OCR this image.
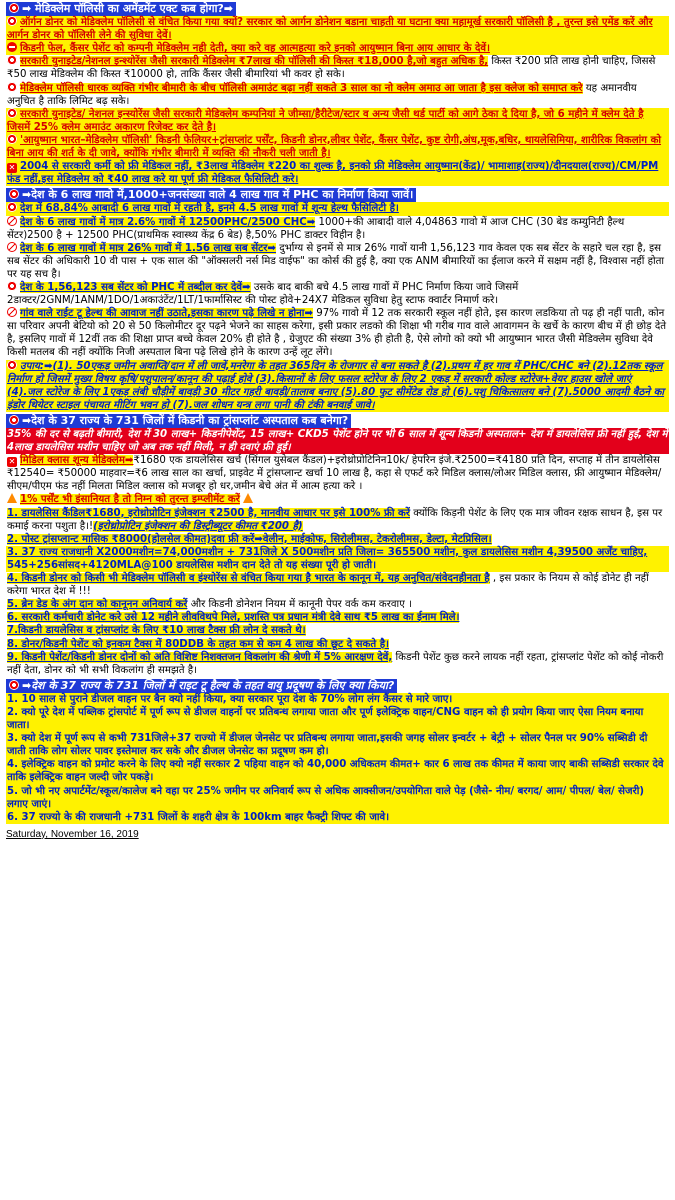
➡ मेडिक्लेम पॉलिसी का अमेंडमेंट एक्ट कब होगा?➡
ऑर्गन डोनर को मेडिक्लेम पॉलिसी से वंचित किया गया क्यों? सरकार को आर्गन डोनेशन बडाना चाहती या घटाना क्या महामूर्ख सरकारी पॉलिसी है , तुरन्त इसे एमेंड करें और आर्गन डोनर को पॉलिसी लेने की सुविधा देवें।
किडनी फेल, कैंसर पेशेंट को कम्पनी मेडिक्लेम नही देती, क्या करे वह आत्महत्या करे इनको आयुष्मान बिना आय आधार के देवें।
सरकारी युनाइटेड/नेशनल इन्श्योरेंस जैसी सरकारी मेडिक्लेम ₹7लाख की पॉलिसी की किस्त ₹18,000 है,जो बहुत अधिक है, किस्त ₹200 प्रति लाख होनी चाहिए, जिससे ₹50 लाख मेडिक्लेम की किस्त ₹10000 हो, ताकि कैंसर जैसी बीमारियां भी कवर हो सके।
मेडिक्लेम पॉलिसी धारक व्यक्ति गंभीर बीमारी के बीच पॉलिसी अमाउंट बढ़ा नहीं सकते 3 साल का नो क्लेम अमाउ आ जाता है इस क्लेज को समाप्त करे यह अमानवीय अनुचित है ताकि लिमिट बढ़ सके।
सरकारी युनाइटेड/ नेशनल इन्स्योरेंस जैसी सरकारी मेडिक्लेम कम्पनियां ने जीम्सा/हैरीटेज/स्टार व अन्य जैसी थर्ड पार्टी को आगे ठेका दे दिया है, जो 6 महीने में क्लेम देते है जिसमें 25% क्लेम अमाउंट अकारण रिजेक्ट कर देते है।
'आयुष्मान भारत–मेडिक्लेम पॉलिसी' किडनी फेलियर+ट्रांसप्लांट पर्सेंट, किडनी डोनर,लीवर पेशेंट, कैंसर पेशेंट, कुष्ट रोगी,अंध,मूक,बधिर, थायलेसिमिया, शारीरिक विकलांग को बिना आय की शर्त के दी जावे, क्योंकि गंभीर बीमारी में व्यक्ति की नौकरी चली जाती है।
✕2004 से सरकारी कर्मी को फ्री मेडिकल नहीं, ₹3लाख मेडिक्लेम ₹220 का शुल्क है, इनको फ्री मेडिक्लेम आयुष्मान(केंद्र)/ भामाशाह(राज्य)/दीनदयाल(राज्य)/CM/PM फंड नहीं,इस मेडिक्लेम को ₹40 लाख करे या पूर्ण फ्री मेडिकल फैसिलिटी करे।
➡देश के 6 लाख गावो में,1000+जनसंख्या वाले 4 लाख गाव में PHC का निर्माण किया जावें।
देश में 68.84% आबादी 6 लाख गावों में रहती है, इनमे 4.5 लाख गावों में शून्य हेल्थ फैसिलिटी है।
देश के 6 लाख गावों में मात्र 2.6% गावों में 12500PHC/2500 CHC➡ 1000+की आबादी वाले 4,04863 गावो में आज CHC (30 बेड कम्युनिटी हैल्थ सेंटर)2500 है + 12500 PHC(प्राथमिक स्वास्थ्य केंद्र 6 बेड) है,50% PHC डाक्टर विहीन है।
देश के 6 लाख गावों में मात्र 26% गावों में 1.56 लाख सब सेंटर➡ दुर्भाग्य से इनमें से मात्र 26% गावों यानी 1,56,123 गाव केवल एक सब सेंटर के सहारे चल रहा है, इस सब सेंटर की अधिकारी 10 वी पास + एक साल की "ऑक्सलरी नर्स मिड वाईफ" का कोर्स की हुई है, क्या एक ANM बीमारियों का ईलाज करने में सक्षम नहीं है, विश्वास नहीं होता पर यह सच है।
देश के 1,56,123 सब सेंटर को PHC में तब्दील कर देवें➡ उसके बाद बाकी बचे 4.5 लाख गावों में PHC निर्माण किया जावे जिसमें 2डाक्टर/2GNM/1ANM/1DO/1अकाउंटेंट/1LT/1फार्मासिस्ट की पोस्ट होवे+24X7 मेडिकल सुविधा हेतु स्टाफ क्वार्टर निमार्ण करे।
गांव वाले राईट टू हेल्थ की आवाज नहीं उठाते,इसका कारण पढ़े लिखे न होना➡ 97% गावो में 12 तक सरकारी स्कूल नहीं होते, इस कारण लडकिया तो पढ़ ही नहीं पाती, कोन सा परिवार अपनी बेटियो को 20 से 50 किलोमीटर दूर पढ़ने भेजने का साहस करेगा, इसी प्रकार लडको की शिक्षा भी गरीब गाव वाले आवागमन के खर्चे के कारण बीच में ही छोड़ देते है, इसलिए गावों में 12वीं तक की शिक्षा प्राप्त बच्चे केवल 20% ही होते है , ग्रेजुएट की संख्या 3% ही होती है, ऐसे लोगो को क्यो भी आयुष्मान भारत जैसी मेडिक्लेम सुविधा देवे किसी मतलब की नहीं क्योंकि निजी अस्पताल बिना पढ़े लिखे होने के कारण उन्हें लूट लेंगे।
उपाय:➡(1). 50एकड़ जमीन अवाप्ति/दान में ली जावें,मनरेगा के तहत 365दिन के रोजगार से बना सकते है (2).प्रथम में हर गाव में PHC/CHC बने (2).12तक स्कूल निर्माण हो जिसमें मुख्य विषय कृषि/पशुपालन/कानून की पढ़ाई होवे (3).किसानों के लिए फसल स्टोरेज के लिए 2 एकड़ में सरकारी कोल्ड स्टोरेज+वेयर हाउस खोले जाएं (4).जल स्टोरेज के लिए 1एकड़ लंबी चौड़ीमें बावड़ी 30 मीटर गहरी बावड़ी/तालाब बनाए (5).80 फुट सीमेंटेड रोड हो (6).पशु चिकित्सालय बने (7).5000 आदमी बैठने का इंडोर थियेटर स्टाइल पंचायत मीटिंग भवन हो (7).जल शोधन यन्त्र लगा पानी की टंकी बनवाई जावे।
➡देश के 37 राज्य के 731 जिलों में किडनी का ट्रांसप्लांट अस्पताल कब बनेगा?
35% की दर से बढ़ती बीमारी, देश में 30 लाख+ किडनीपेशेंट, 15 लाख+ CKD5 पेशेंट होने पर भी 6 साल में शून्य किडनी अस्पताल+ देश में डायलेसिस फ्री नहीं हुई, देश में 4लाख डायलेसिस मशीन चाहिए जो अब तक नहीं मिली, न ही दवाएं फ्री हुई।
✕मिडिल क्लास शून्य मेडिक्लेम➡₹1680 एक डायलेसिस खर्च (सिंगल युसेबल कैंडल)+इरोथ्रोप्रोटिनिन10k/ हेपरिन इंजे.₹2500=₹4180 प्रति दिन, सप्ताह में तीन डायलेसिस ₹12540= ₹50000 माहवार=₹6 लाख साल का खर्चा, प्राइवेट में ट्रांसप्लान्ट खर्चा 10 लाख है, कहा से एफर्ट करे मिडिल क्लास/लोअर मिडिल क्लास, फ्री आयुष्मान मेडिक्लेम/सीएम/पीएम फंड नहीं मिलता मिडिल क्लास को मजबूर हो धर,जमीन बेचे अंत में आत्म हत्या करे ।
1% पर्सेंट भी इंसानियत है तो निम्न को तुरन्त इम्प्लीमेंट करें
1. डायलेसिस कैंडिल₹1680, इरोथ्रोप्रोटिन इंजेक्शन ₹2500 है, मानवीय आधार पर इसे 100% फ्री करें क्योंकि किड़नी पेशेंट के लिए एक मात्र जीवन रक्षक साधन है, इस पर कमाई करना पशुता है।!(इरोथ्रोप्रोटिन इंजेक्शन की डिस्ट्रीब्यूटर कीमत ₹200 है)
2. पोस्ट ट्रांसप्लान्ट मासिक ₹8000(होलसेल कीमत)दवा फ्री करें➡वेलीन, माईकोफ, सिरोलीमस, टेकरोलीमस, डेल्टा, मेटप्रिसिल।
3. 37 राज्य राजधानी X2000मशीन=74,000मशीन + 731जिले X 500मशीन प्रति जिला= 365500 मशीन, कुल डायलेसिस मशीन 4,39500 अर्जेंट चाहिए, 545+256सांसद+4120MLA@100 डायलेसिस मशीन दान देते तो यह संख्या पूरी हो जाती।
4. किडनी डोनर को किसी भी मेडिक्लेम पॉलिसी व इंश्योरेंस से वंचित किया गया है भारत के कानून में, यह अनुचित/संवेदनहीनता है , इस प्रकार के नियम से कोई डोनेट ही नहीं करेगा भारत देश में !!!
5. ब्रेन डेड के अंग दान को कानूनन अनिवार्य करें और किडनी डोनेशन नियम में कानूनी पेपर वर्क कम करवाए ।
6. सरकारी कर्मचारी डोनेट करे उसे 12 महीने लीवविथपे मिले, प्रशस्ति पत्र प्रधान मंत्री देवे साथ ₹5 लाख का ईनाम मिले।
7.किडनी डायलेसिस व ट्रांसप्लांट के लिए ₹10 लाख टैक्स फ्री लोन दे सकते थे।
8. डोनर/किडनी पेशेंट को इनकम टैक्स में 80DDB के तहत कम से कम 4 लाख की छूट दे सकते है।
9. किडनी पेशेंट/किडनी डोनर दोनों को अति विशिष्ट निशक्तजन विकलांग की श्रेणी में 5% आरक्षण देवें, किडनी पेशेंट कुछ करने लायक नहीं रहता, ट्रांसप्लांट पेशेंट को कोई नोकरी नहीं देता, डोनर को भी सभी विकलांग ही समझते है।
➡देश के 37 राज्य के 731 जिलों में राइट टू हैल्थ के तहत वायु प्रदूषण के लिए क्या किया?
1. 10 साल से पुराने डीजल वाहन पर बैन क्यो नहीं किया, क्या सरकार पूरा देश के 70% लोग लंग कैंसर से मारे जाए।
2. क्यो पूरे देश में पब्लिक ट्रांसपोर्ट में पूर्ण रूप से डीजल वाहनों पर प्रतिबन्ध लगाया जाता और पूर्ण इलेक्ट्रिक वाहन/CNG वाहन को ही प्रयोग किया जाए ऐसा नियम बनाया जाता।
3. क्यो देश में पूर्ण रूप से कभी 731जिले+37 राज्यो में डीजल जेनसेट पर प्रतिबन्ध लगाया जाता,इसकी जगह सोलर इन्वर्टर + बेट्री + सोलर पैनल पर 90% सब्सिडी दी जाती ताकि लोग सोलर पावर इस्तेमाल कर सके और डीजल जेनसेट का प्रदूषण कम हो।
4. इलेक्ट्रिक वाहन को प्रमोट करने के लिए क्यो नहीं सरकार 2 पहिया वाहन को 40,000 अधिकतम कीमत+ कार 6 लाख तक कीमत में काया जाए बाकी सब्सिडी सरकार देवे ताकि इलेक्ट्रिक वाहन जल्दी जोर पकड़े।
5. जो भी नए अपार्टमेंट/स्कूल/कालेज बने वहा पर 25% जमीन पर अनिवार्य रूप से अधिक आक्सीजन/उपयोगिता वाले पेड़ (जैसे- नीम/ बरगद/ आम/ पीपल/ बेल/ सेजरी) लगाए जाएं।
6. 37 राज्यो के की राजधानी +731 जिलों के शहरी क्षेत्र के 100km बाहर फैक्ट्री शिफ्ट की जावे।
Saturday, November 16, 2019
